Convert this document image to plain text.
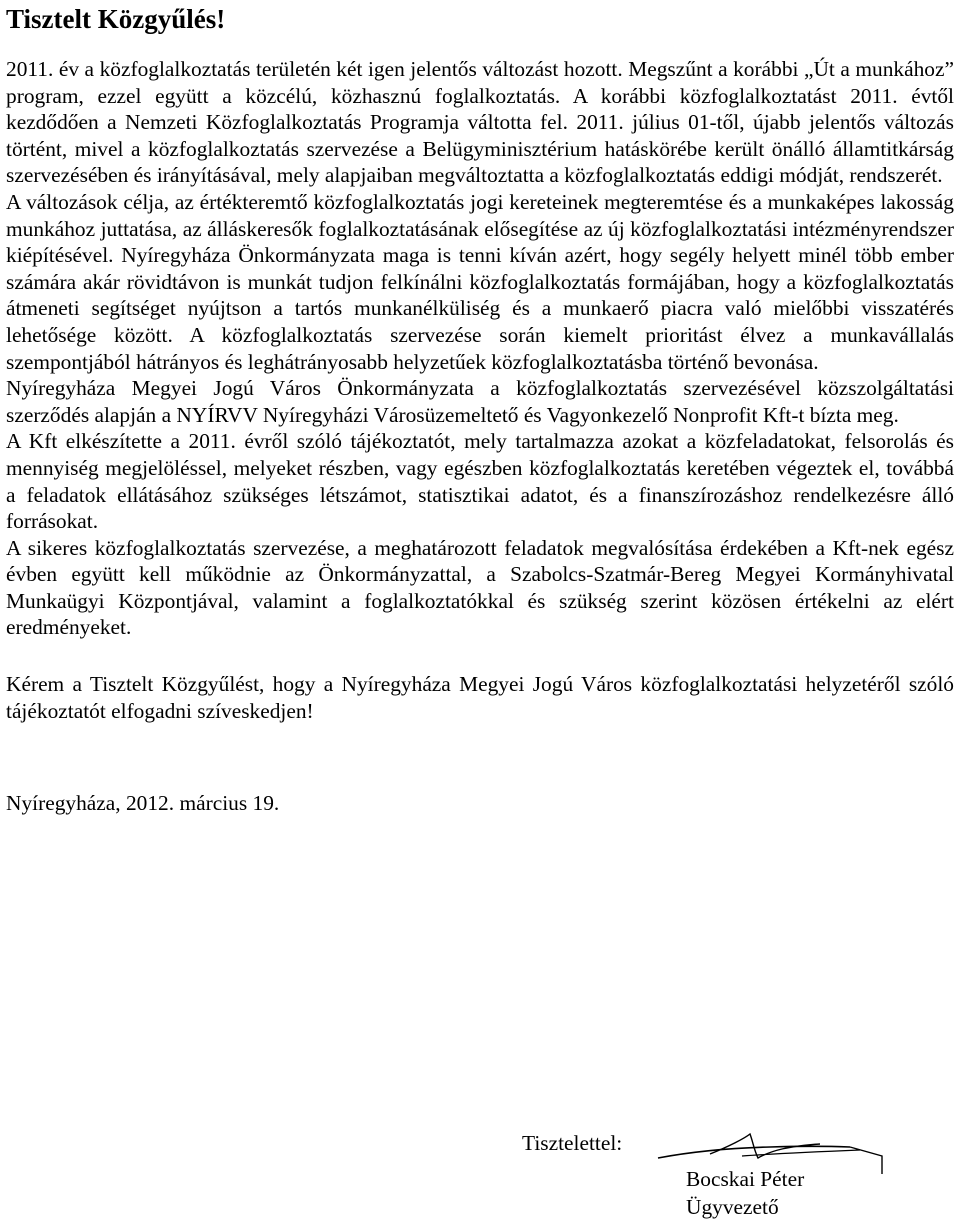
Tisztelt Közgyűlés!

2011. év a közfoglalkoztatás területén két igen jelentős változást hozott. Megszűnt a korábbi „Út a munkához” program, ezzel együtt a közcélú, közhasznú foglalkoztatás. A korábbi közfoglalkoztatást 2011. évtől kezdődően a Nemzeti Közfoglalkoztatás Programja váltotta fel. 2011. július 01-től, újabb jelentős változás történt, mivel a közfoglalkoztatás szervezése a Belügyminisztérium hatáskörébe került önálló államtitkárság szervezésében és irányításával, mely alapjaiban megváltoztatta a közfoglalkoztatás eddigi módját, rendszerét.

A változások célja, az értékteremtő közfoglalkoztatás jogi kereteinek megteremtése és a munkaképes lakosság munkához juttatása, az álláskeresők foglalkoztatásának elősegítése az új közfoglalkoztatási intézményrendszer kiépítésével. Nyíregyháza Önkormányzata maga is tenni kíván azért, hogy segély helyett minél több ember számára akár rövidtávon is munkát tudjon felkínálni közfoglalkoztatás formájában, hogy a közfoglalkoztatás átmeneti segítséget nyújtson a tartós munkanélküliség és a munkaerő piacra való mielőbbi visszatérés lehetősége között. A közfoglalkoztatás szervezése során kiemelt prioritást élvez a munkavállalás szempontjából hátrányos és leghátrányosabb helyzetűek közfoglalkoztatásba történő bevonása.

Nyíregyháza Megyei Jogú Város Önkormányzata a közfoglalkoztatás szervezésével közszolgáltatási szerződés alapján a NYÍRVV Nyíregyházi Városüzemeltető és Vagyonkezelő Nonprofit Kft-t bízta meg.

A Kft elkészítette a 2011. évről szóló tájékoztatót, mely tartalmazza azokat a közfeladatokat, felsorolás és mennyiség megjelöléssel, melyeket részben, vagy egészben közfoglalkoztatás keretében végeztek el, továbbá a feladatok ellátásához szükséges létszámot, statisztikai adatot, és a finanszírozáshoz rendelkezésre álló forrásokat.

A sikeres közfoglalkoztatás szervezése, a meghatározott feladatok megvalósítása érdekében a Kft-nek egész évben együtt kell működnie az Önkormányzattal, a Szabolcs-Szatmár-Bereg Megyei Kormányhivatal Munkaügyi Központjával, valamint a foglalkoztatókkal és szükség szerint közösen értékelni az elért eredményeket.

Kérem a Tisztelt Közgyűlést, hogy a Nyíregyháza Megyei Jogú Város közfoglalkoztatási helyzetéről szóló tájékoztatót elfogadni szíveskedjen!

Nyíregyháza, 2012. március 19.

Tisztelettel:
Bocskai Péter
Ügyvezető
